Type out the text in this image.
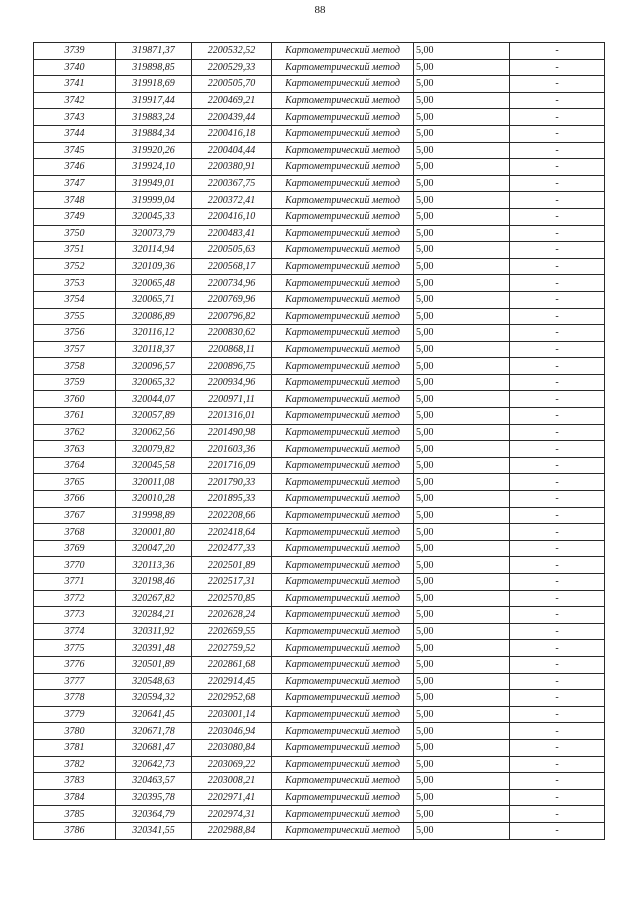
88
3739	319871,37	2200532,52	Картометрический метод	5,00	-
3740	319898,85	2200529,33	Картометрический метод	5,00	-
3741	319918,69	2200505,70	Картометрический метод	5,00	-
3742	319917,44	2200469,21	Картометрический метод	5,00	-
3743	319883,24	2200439,44	Картометрический метод	5,00	-
3744	319884,34	2200416,18	Картометрический метод	5,00	-
3745	319920,26	2200404,44	Картометрический метод	5,00	-
3746	319924,10	2200380,91	Картометрический метод	5,00	-
3747	319949,01	2200367,75	Картометрический метод	5,00	-
3748	319999,04	2200372,41	Картометрический метод	5,00	-
3749	320045,33	2200416,10	Картометрический метод	5,00	-
3750	320073,79	2200483,41	Картометрический метод	5,00	-
3751	320114,94	2200505,63	Картометрический метод	5,00	-
3752	320109,36	2200568,17	Картометрический метод	5,00	-
3753	320065,48	2200734,96	Картометрический метод	5,00	-
3754	320065,71	2200769,96	Картометрический метод	5,00	-
3755	320086,89	2200796,82	Картометрический метод	5,00	-
3756	320116,12	2200830,62	Картометрический метод	5,00	-
3757	320118,37	2200868,11	Картометрический метод	5,00	-
3758	320096,57	2200896,75	Картометрический метод	5,00	-
3759	320065,32	2200934,96	Картометрический метод	5,00	-
3760	320044,07	2200971,11	Картометрический метод	5,00	-
3761	320057,89	2201316,01	Картометрический метод	5,00	-
3762	320062,56	2201490,98	Картометрический метод	5,00	-
3763	320079,82	2201603,36	Картометрический метод	5,00	-
3764	320045,58	2201716,09	Картометрический метод	5,00	-
3765	320011,08	2201790,33	Картометрический метод	5,00	-
3766	320010,28	2201895,33	Картометрический метод	5,00	-
3767	319998,89	2202208,66	Картометрический метод	5,00	-
3768	320001,80	2202418,64	Картометрический метод	5,00	-
3769	320047,20	2202477,33	Картометрический метод	5,00	-
3770	320113,36	2202501,89	Картометрический метод	5,00	-
3771	320198,46	2202517,31	Картометрический метод	5,00	-
3772	320267,82	2202570,85	Картометрический метод	5,00	-
3773	320284,21	2202628,24	Картометрический метод	5,00	-
3774	320311,92	2202659,55	Картометрический метод	5,00	-
3775	320391,48	2202759,52	Картометрический метод	5,00	-
3776	320501,89	2202861,68	Картометрический метод	5,00	-
3777	320548,63	2202914,45	Картометрический метод	5,00	-
3778	320594,32	2202952,68	Картометрический метод	5,00	-
3779	320641,45	2203001,14	Картометрический метод	5,00	-
3780	320671,78	2203046,94	Картометрический метод	5,00	-
3781	320681,47	2203080,84	Картометрический метод	5,00	-
3782	320642,73	2203069,22	Картометрический метод	5,00	-
3783	320463,57	2203008,21	Картометрический метод	5,00	-
3784	320395,78	2202971,41	Картометрический метод	5,00	-
3785	320364,79	2202974,31	Картометрический метод	5,00	-
3786	320341,55	2202988,84	Картометрический метод	5,00	-
